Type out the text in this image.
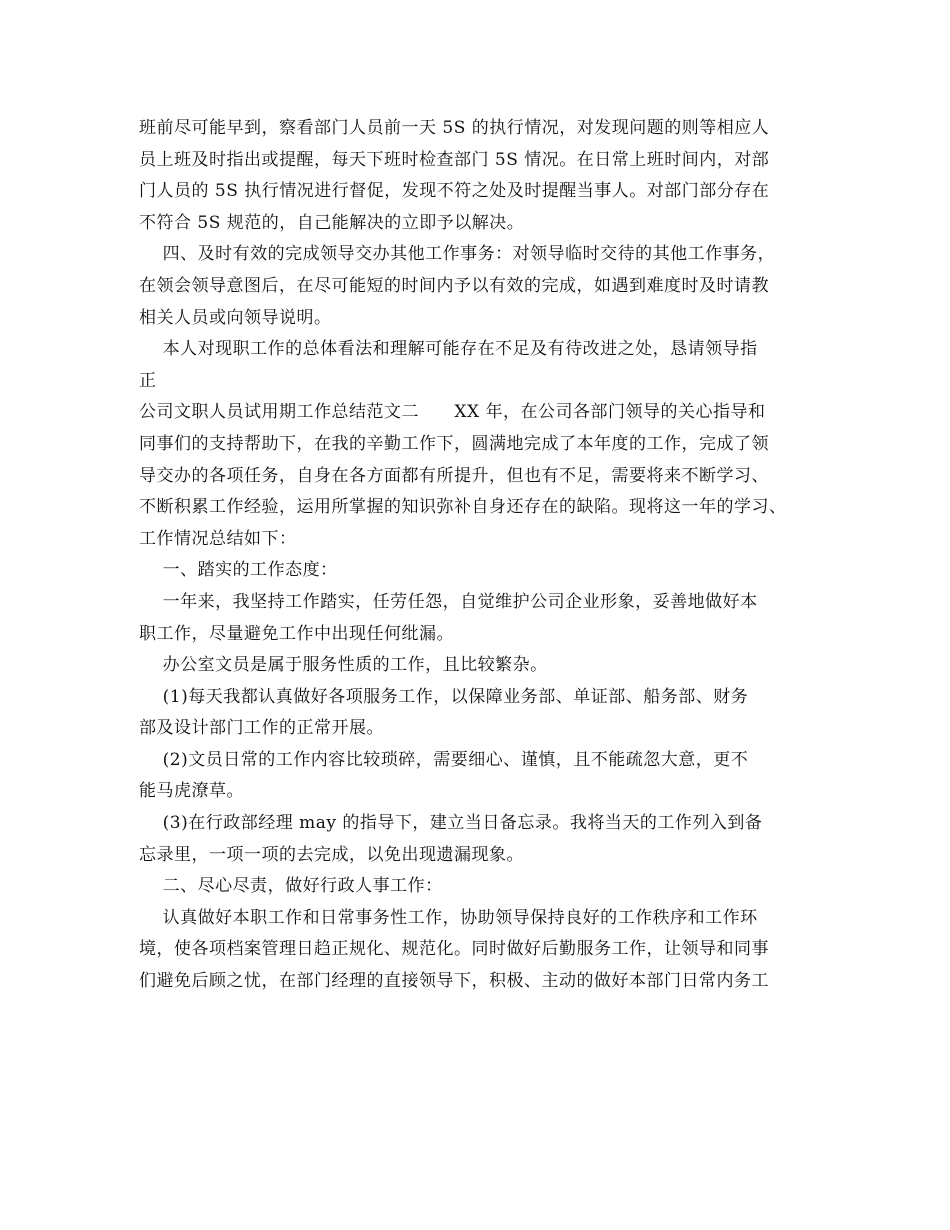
班前尽可能早到，察看部门人员前一天 5S 的执行情况，对发现问题的则等相应人
员上班及时指出或提醒，每天下班时检查部门 5S 情况。在日常上班时间内，对部
门人员的 5S 执行情况进行督促，发现不符之处及时提醒当事人。对部门部分存在
不符合 5S 规范的，自己能解决的立即予以解决。
四、及时有效的完成领导交办其他工作事务：对领导临时交待的其他工作事务，
在领会领导意图后，在尽可能短的时间内予以有效的完成，如遇到难度时及时请教
相关人员或向领导说明。
本人对现职工作的总体看法和理解可能存在不足及有待改进之处，恳请领导指
正
公司文职人员试用期工作总结范文二      XX 年，在公司各部门领导的关心指导和
同事们的支持帮助下，在我的辛勤工作下，圆满地完成了本年度的工作，完成了领
导交办的各项任务，自身在各方面都有所提升，但也有不足，需要将来不断学习、
不断积累工作经验，运用所掌握的知识弥补自身还存在的缺陷。现将这一年的学习、
工作情况总结如下：
一、踏实的工作态度：
一年来，我坚持工作踏实，任劳任怨，自觉维护公司企业形象，妥善地做好本
职工作，尽量避免工作中出现任何纰漏。
办公室文员是属于服务性质的工作，且比较繁杂。
(1)每天我都认真做好各项服务工作，以保障业务部、单证部、船务部、财务
部及设计部门工作的正常开展。
(2)文员日常的工作内容比较琐碎，需要细心、谨慎，且不能疏忽大意，更不
能马虎潦草。
(3)在行政部经理 may 的指导下，建立当日备忘录。我将当天的工作列入到备
忘录里，一项一项的去完成，以免出现遗漏现象。
二、尽心尽责，做好行政人事工作：
认真做好本职工作和日常事务性工作，协助领导保持良好的工作秩序和工作环
境，使各项档案管理日趋正规化、规范化。同时做好后勤服务工作，让领导和同事
们避免后顾之忧，在部门经理的直接领导下，积极、主动的做好本部门日常内务工
